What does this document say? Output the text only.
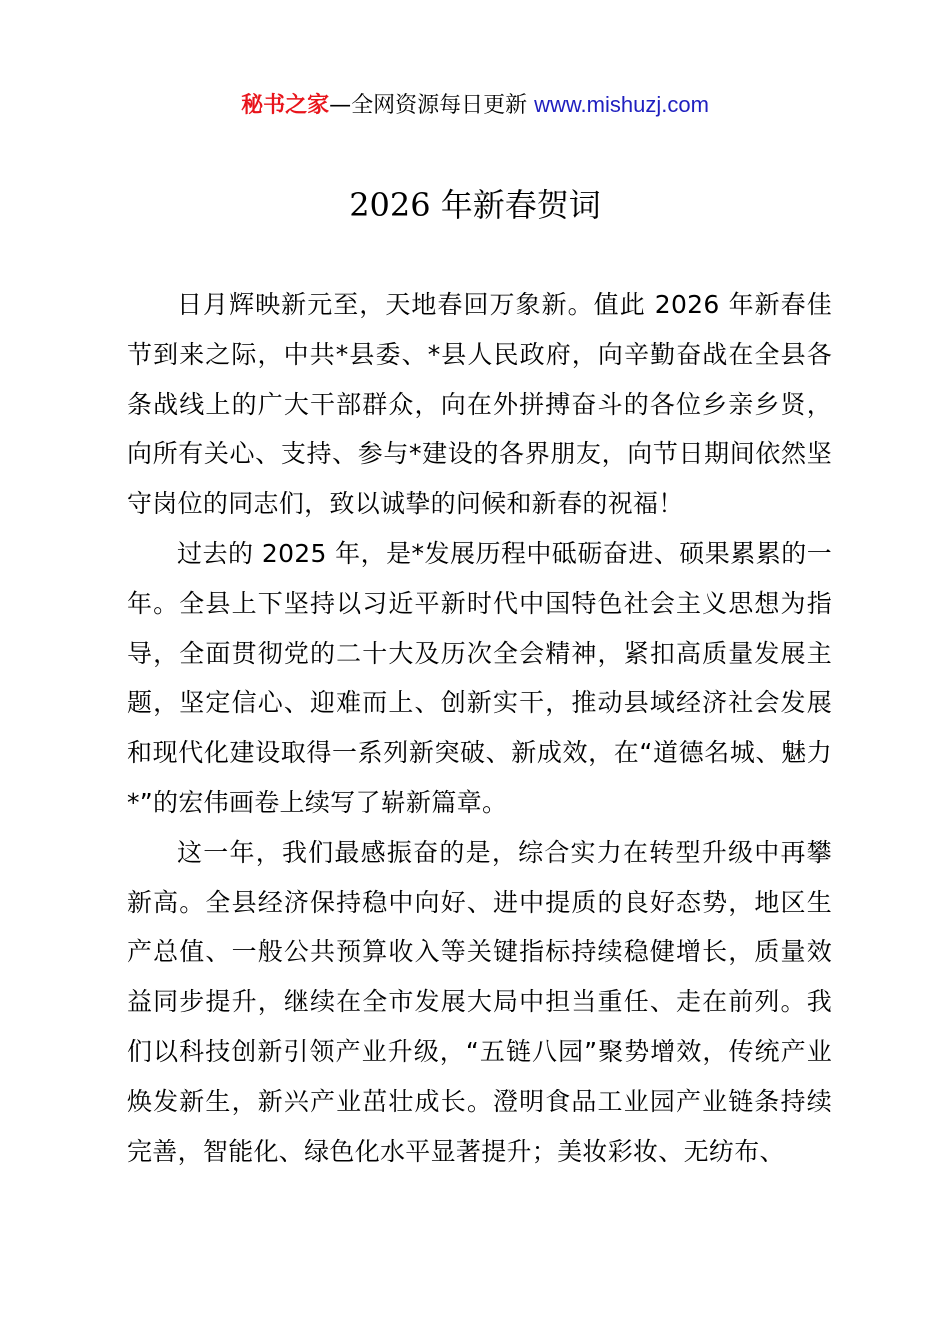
秘书之家—全网资源每日更新 www.mishuzj.com
2026 年新春贺词

日月辉映新元至，天地春回万象新。值此 2026 年新春佳节到来之际，中共*县委、*县人民政府，向辛勤奋战在全县各条战线上的广大干部群众，向在外拼搏奋斗的各位乡亲乡贤，向所有关心、支持、参与*建设的各界朋友，向节日期间依然坚守岗位的同志们，致以诚挚的问候和新春的祝福！

过去的 2025 年，是*发展历程中砥砺奋进、硕果累累的一年。全县上下坚持以习近平新时代中国特色社会主义思想为指导，全面贯彻党的二十大及历次全会精神，紧扣高质量发展主题，坚定信心、迎难而上、创新实干，推动县域经济社会发展和现代化建设取得一系列新突破、新成效，在“道德名城、魅力*”的宏伟画卷上续写了崭新篇章。

这一年，我们最感振奋的是，综合实力在转型升级中再攀新高。全县经济保持稳中向好、进中提质的良好态势，地区生产总值、一般公共预算收入等关键指标持续稳健增长，质量效益同步提升，继续在全市发展大局中担当重任、走在前列。我们以科技创新引领产业升级，“五链八园”聚势增效，传统产业焕发新生，新兴产业茁壮成长。澄明食品工业园产业链条持续完善，智能化、绿色化水平显著提升；美妆彩妆、无纺布、
